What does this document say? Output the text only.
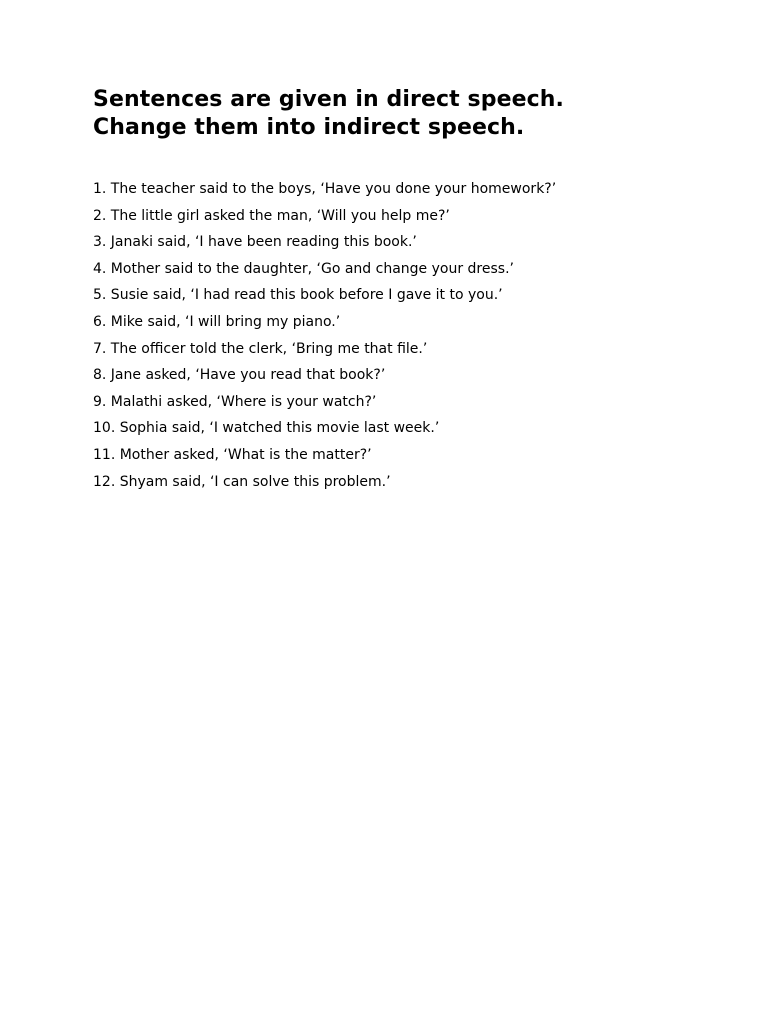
Sentences are given in direct speech.
Change them into indirect speech.
1. The teacher said to the boys, ‘Have you done your homework?’
2. The little girl asked the man, ‘Will you help me?’
3. Janaki said, ‘I have been reading this book.’
4. Mother said to the daughter, ‘Go and change your dress.’
5. Susie said, ‘I had read this book before I gave it to you.’
6. Mike said, ‘I will bring my piano.’
7. The officer told the clerk, ‘Bring me that file.’
8. Jane asked, ‘Have you read that book?’
9. Malathi asked, ‘Where is your watch?’
10. Sophia said, ‘I watched this movie last week.’
11. Mother asked, ‘What is the matter?’
12. Shyam said, ‘I can solve this problem.’
